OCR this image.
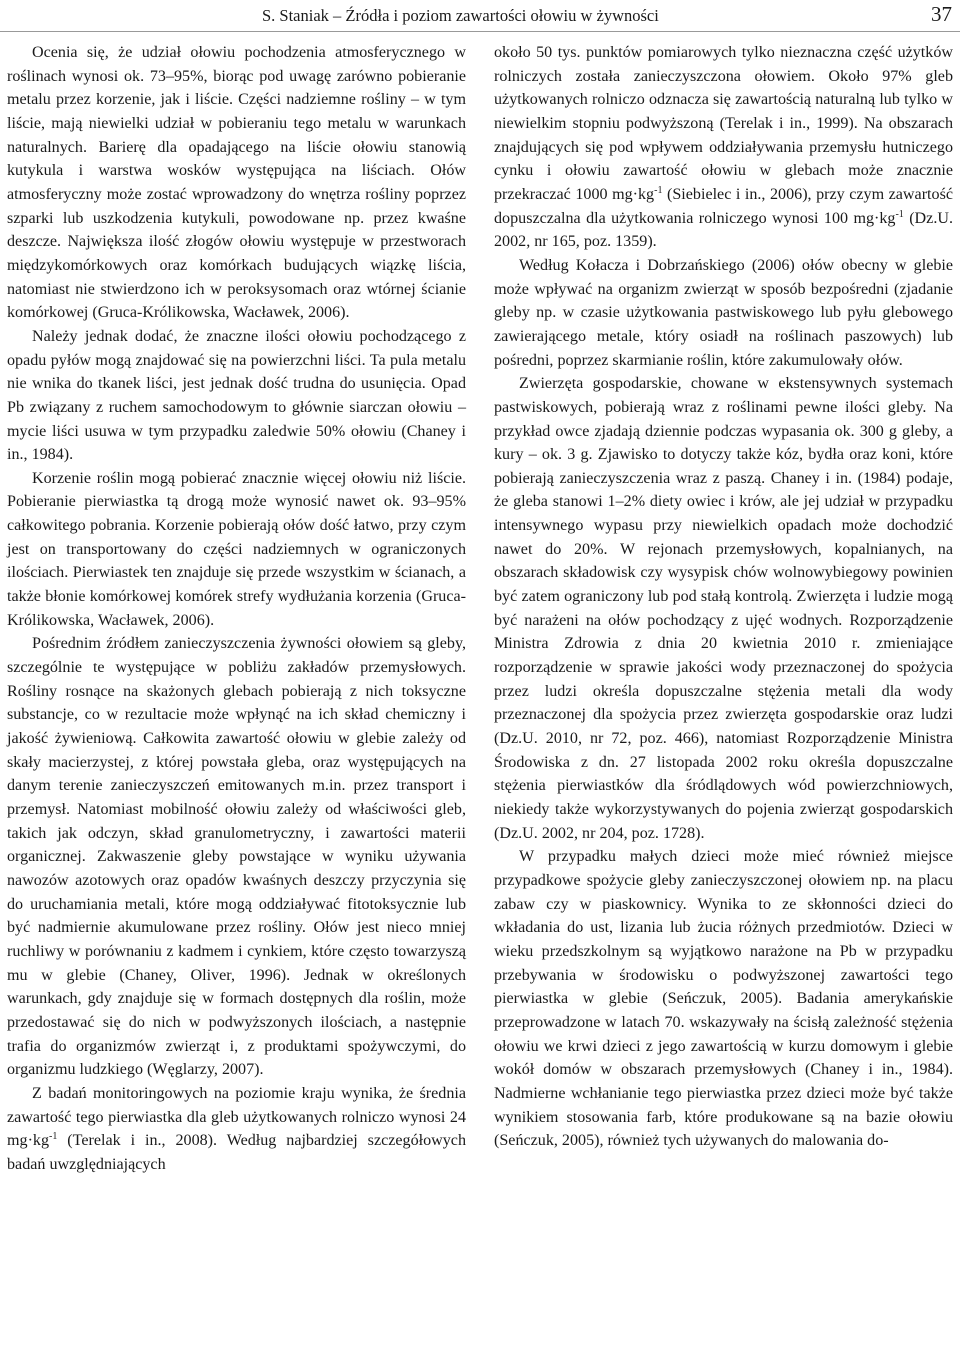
S. Staniak – Źródła i poziom zawartości ołowiu w żywności	37

Ocenia się, że udział ołowiu pochodzenia atmosferycznego w roślinach wynosi ok. 73–95%, biorąc pod uwagę zarówno pobieranie metalu przez korzenie, jak i liście. Części nadziemne rośliny – w tym liście, mają niewielki udział w pobieraniu tego metalu w warunkach naturalnych. Barierę dla opadającego na liście ołowiu stanowią kutykula i warstwa wosków występująca na liściach. Ołów atmosferyczny może zostać wprowadzony do wnętrza rośliny poprzez szparki lub uszkodzenia kutykuli, powodowane np. przez kwaśne deszcze. Największa ilość złogów ołowiu występuje w przestworach międzykomórkowych oraz komórkach budujących wiązkę liścia, natomiast nie stwierdzono ich w peroksysomach oraz wtórnej ścianie komórkowej (Gruca-Królikowska, Wacławek, 2006).

Należy jednak dodać, że znaczne ilości ołowiu pochodzącego z opadu pyłów mogą znajdować się na powierzchni liści. Ta pula metalu nie wnika do tkanek liści, jest jednak dość trudna do usunięcia. Opad Pb związany z ruchem samochodowym to głównie siarczan ołowiu – mycie liści usuwa w tym przypadku zaledwie 50% ołowiu (Chaney i in., 1984).

Korzenie roślin mogą pobierać znacznie więcej ołowiu niż liście. Pobieranie pierwiastka tą drogą może wynosić nawet ok. 93–95% całkowitego pobrania. Korzenie pobierają ołów dość łatwo, przy czym jest on transportowany do części nadziemnych w ograniczonych ilościach. Pierwiastek ten znajduje się przede wszystkim w ścianach, a także błonie komórkowej komórek strefy wydłużania korzenia (Gruca-Królikowska, Wacławek, 2006).

Pośrednim źródłem zanieczyszczenia żywności ołowiem są gleby, szczególnie te występujące w pobliżu zakładów przemysłowych. Rośliny rosnące na skażonych glebach pobierają z nich toksyczne substancje, co w rezultacie może wpłynąć na ich skład chemiczny i jakość żywieniową. Całkowita zawartość ołowiu w glebie zależy od skały macierzystej, z której powstała gleba, oraz występujących na danym terenie zanieczyszczeń emitowanych m.in. przez transport i przemysł. Natomiast mobilność ołowiu zależy od właściwości gleb, takich jak odczyn, skład granulometryczny, i zawartości materii organicznej. Zakwaszenie gleby powstające w wyniku używania nawozów azotowych oraz opadów kwaśnych deszczy przyczynia się do uruchamiania metali, które mogą oddziaływać fitotoksycznie lub być nadmiernie akumulowane przez rośliny. Ołów jest nieco mniej ruchliwy w porównaniu z kadmem i cynkiem, które często towarzyszą mu w glebie (Chaney, Oliver, 1996). Jednak w określonych warunkach, gdy znajduje się w formach dostępnych dla roślin, może przedostawać się do nich w podwyższonych ilościach, a następnie trafia do organizmów zwierząt i, z produktami spożywczymi, do organizmu ludzkiego (Węglarzy, 2007).

Z badań monitoringowych na poziomie kraju wynika, że średnia zawartość tego pierwiastka dla gleb użytkowanych rolniczo wynosi 24 $mg\cdot kg^{-1}$ (Terelak i in., 2008). Według najbardziej szczegółowych badań uwzględniających

około 50 tys. punktów pomiarowych tylko nieznaczna część użytków rolniczych została zanieczyszczona ołowiem. Około 97% gleb użytkowanych rolniczo odznacza się zawartością naturalną lub tylko w niewielkim stopniu podwyższoną (Terelak i in., 1999). Na obszarach znajdujących się pod wpływem oddziaływania przemysłu hutniczego cynku i ołowiu zawartość ołowiu w glebach może znacznie przekraczać 1000 $mg\cdot kg^{-1}$ (Siebielec i in., 2006), przy czym zawartość dopuszczalna dla użytkowania rolniczego wynosi 100 $mg\cdot kg^{-1}$ (Dz.U. 2002, nr 165, poz. 1359).

Według Kołacza i Dobrzańskiego (2006) ołów obecny w glebie może wpływać na organizm zwierząt w sposób bezpośredni (zjadanie gleby np. w czasie użytkowania pastwiskowego lub pyłu glebowego zawierającego metale, który osiadł na roślinach paszowych) lub pośredni, poprzez skarmianie roślin, które zakumulowały ołów.

Zwierzęta gospodarskie, chowane w ekstensywnych systemach pastwiskowych, pobierają wraz z roślinami pewne ilości gleby. Na przykład owce zjadają dziennie podczas wypasania ok. 300 g gleby, a kury – ok. 3 g. Zjawisko to dotyczy także kóz, bydła oraz koni, które pobierają zanieczyszczenia wraz z paszą. Chaney i in. (1984) podaje, że gleba stanowi 1–2% diety owiec i krów, ale jej udział w przypadku intensywnego wypasu przy niewielkich opadach może dochodzić nawet do 20%. W rejonach przemysłowych, kopalnianych, na obszarach składowisk czy wysypisk chów wolnowybiegowy powinien być zatem ograniczony lub pod stałą kontrolą. Zwierzęta i ludzie mogą być narażeni na ołów pochodzący z ujęć wodnych. Rozporządzenie Ministra Zdrowia z dnia 20 kwietnia 2010 r. zmieniające rozporządzenie w sprawie jakości wody przeznaczonej do spożycia przez ludzi określa dopuszczalne stężenia metali dla wody przeznaczonej dla spożycia przez zwierzęta gospodarskie oraz ludzi (Dz.U. 2010, nr 72, poz. 466), natomiast Rozporządzenie Ministra Środowiska z dn. 27 listopada 2002 roku określa dopuszczalne stężenia pierwiastków dla śródlądowych wód powierzchniowych, niekiedy także wykorzystywanych do pojenia zwierząt gospodarskich (Dz.U. 2002, nr 204, poz. 1728).

W przypadku małych dzieci może mieć również miejsce przypadkowe spożycie gleby zanieczyszczonej ołowiem np. na placu zabaw czy w piaskownicy. Wynika to ze skłonności dzieci do wkładania do ust, lizania lub żucia różnych przedmiotów. Dzieci w wieku przedszkolnym są wyjątkowo narażone na Pb w przypadku przebywania w środowisku o podwyższonej zawartości tego pierwiastka w glebie (Seńczuk, 2005). Badania amerykańskie przeprowadzone w latach 70. wskazywały na ścisłą zależność stężenia ołowiu we krwi dzieci z jego zawartością w kurzu domowym i glebie wokół domów w obszarach przemysłowych (Chaney i in., 1984). Nadmierne wchłanianie tego pierwiastka przez dzieci może być także wynikiem stosowania farb, które produkowane są na bazie ołowiu (Seńczuk, 2005), również tych używanych do malowania do-
